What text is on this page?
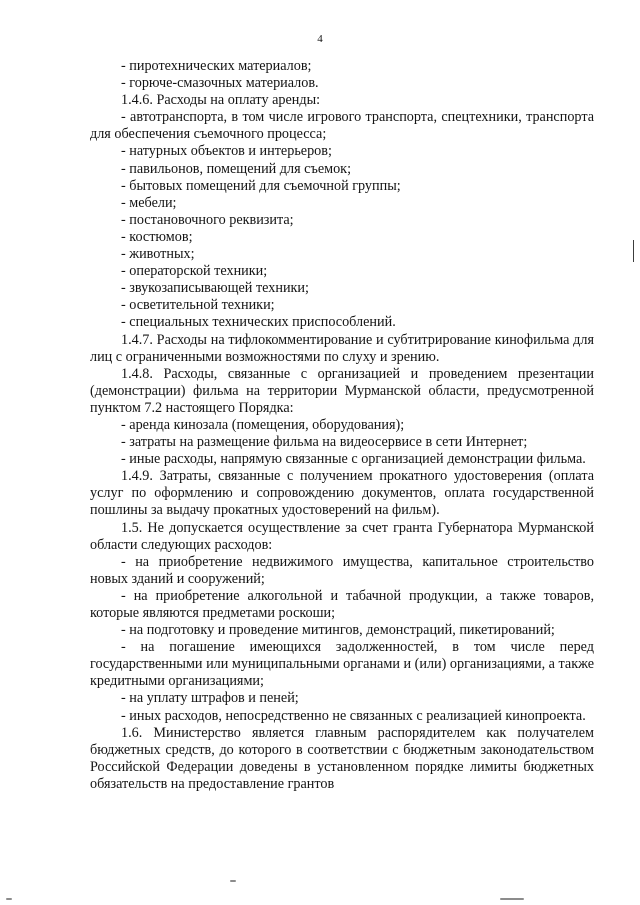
4

- пиротехнических материалов;

- горюче-смазочных материалов.

1.4.6. Расходы на оплату аренды:

- автотранспорта, в том числе игрового транспорта, спецтехники, транспорта для обеспечения съемочного процесса;

- натурных объектов и интерьеров;

- павильонов, помещений для съемок;

- бытовых помещений для съемочной группы;

- мебели;

- постановочного реквизита;

- костюмов;

- животных;

- операторской техники;

- звукозаписывающей техники;

- осветительной техники;

- специальных технических приспособлений.

1.4.7. Расходы на тифлокомментирование и субтитрирование кинофильма для лиц с ограниченными возможностями по слуху и зрению.

1.4.8. Расходы, связанные с организацией и проведением презентации (демонстрации) фильма на территории Мурманской области, предусмотренной пунктом 7.2 настоящего Порядка:

- аренда кинозала (помещения, оборудования);

- затраты на размещение фильма на видеосервисе в сети Интернет;

- иные расходы, напрямую связанные с организацией демонстрации фильма.

1.4.9. Затраты, связанные с получением прокатного удостоверения (оплата услуг по оформлению и сопровождению документов, оплата государственной пошлины за выдачу прокатных удостоверений на фильм).

1.5. Не допускается осуществление за счет гранта Губернатора Мурманской области следующих расходов:

- на приобретение недвижимого имущества, капитальное строительство новых зданий и сооружений;

- на приобретение алкогольной и табачной продукции, а также товаров, которые являются предметами роскоши;

- на подготовку и проведение митингов, демонстраций, пикетирований;

- на погашение имеющихся задолженностей, в том числе перед государственными или муниципальными органами и (или) организациями, а также кредитными организациями;

- на уплату штрафов и пеней;

- иных расходов, непосредственно не связанных с реализацией кинопроекта.

1.6. Министерство является главным распорядителем как получателем бюджетных средств, до которого в соответствии с бюджетным законодательством Российской Федерации доведены в установленном порядке лимиты бюджетных обязательств на предоставление грантов
